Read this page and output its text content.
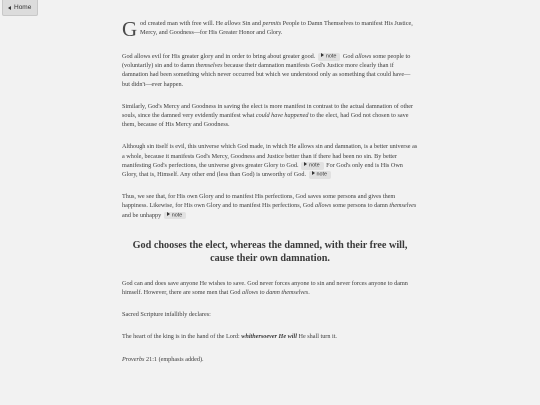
Home

G od created man with free will. He allows Sin and permits People to Damn Themselves to manifest His Justice, Mercy, and Goodness—for His Greater Honor and Glory.

God allows evil for His greater glory and in order to bring about greater good. note God allows some people to (voluntarily) sin and to damn themselves because their damnation manifests God's Justice more clearly than if damnation had been something which never occurred but which we understood only as something that could have—but didn't—ever happen.

Similarly, God's Mercy and Goodness in saving the elect is more manifest in contrast to the actual damnation of other souls, since the damned very evidently manifest what could have happened to the elect, had God not chosen to save them, because of His Mercy and Goodness.

Although sin itself is evil, this universe which God made, in which He allows sin and damnation, is a better universe as a whole, because it manifests God's Mercy, Goodness and Justice better than if there had been no sin. By better manifesting God's perfections, the universe gives greater Glory to God. note For God's only end is His Own Glory, that is, Himself. Any other end (less than God) is unworthy of God. note

Thus, we see that, for His own Glory and to manifest His perfections, God saves some persons and gives them happiness. Likewise, for His own Glory and to manifest His perfections, God allows some persons to damn themselves and be unhappy note

God chooses the elect, whereas the damned, with their free will, cause their own damnation.

God can and does save anyone He wishes to save. God never forces anyone to sin and never forces anyone to damn himself. However, there are some men that God allows to damn themselves.

Sacred Scripture infallibly declares:

The heart of the king is in the hand of the Lord: whithersoever He will He shall turn it.

Proverbs 21:1 (emphasis added).
